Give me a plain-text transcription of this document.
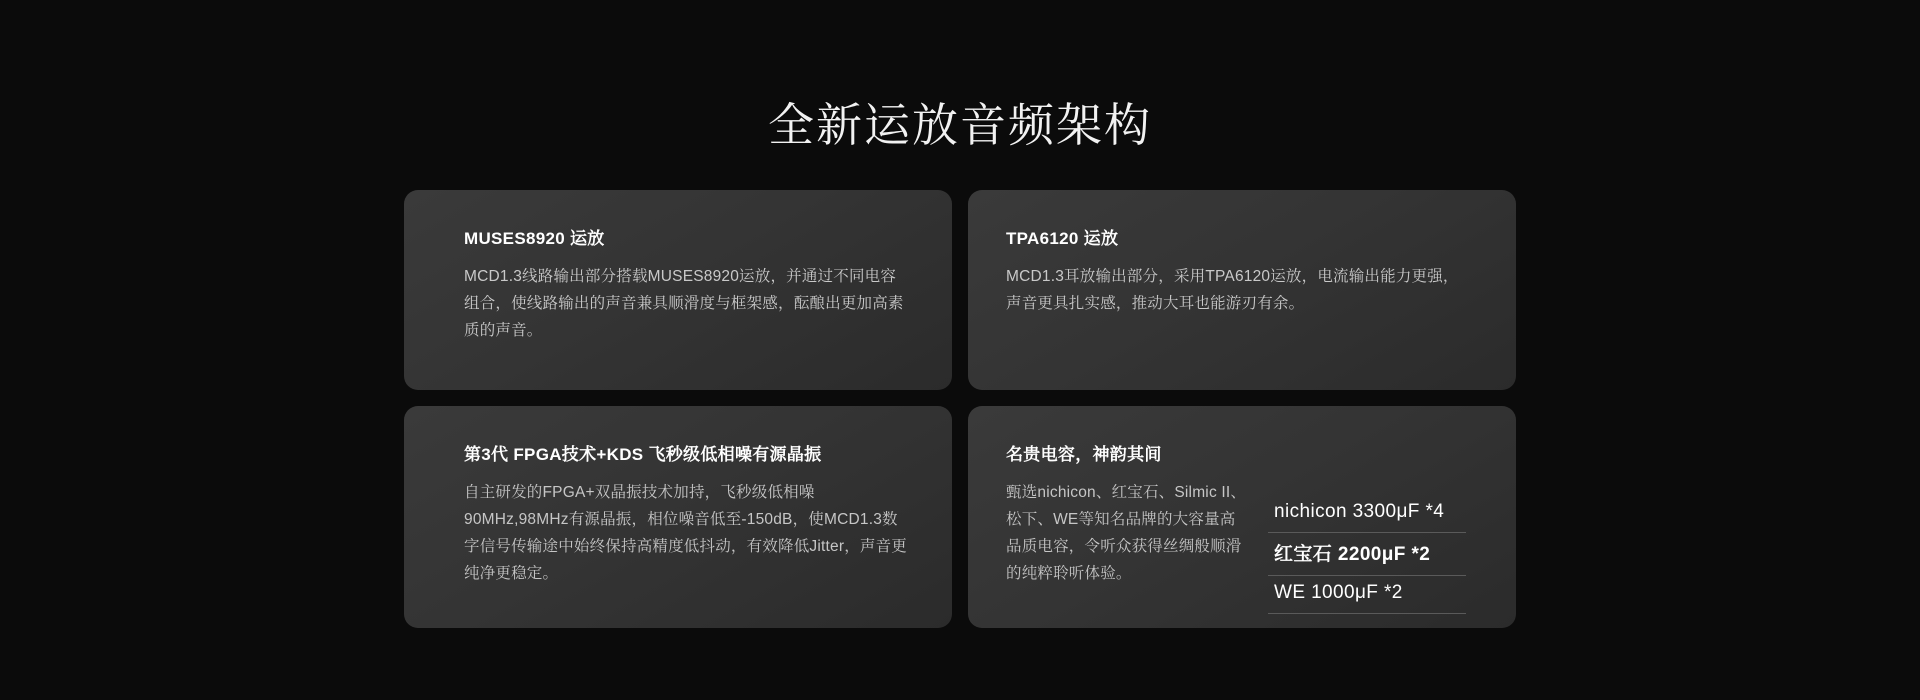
全新运放音频架构
MUSES8920 运放

MCD1.3线路输出部分搭载MUSES8920运放，并通过不同电容组合，使线路输出的声音兼具顺滑度与框架感，酝酿出更加高素质的声音。

TPA6120 运放

MCD1.3耳放输出部分，采用TPA6120运放，电流输出能力更强，声音更具扎实感，推动大耳也能游刃有余。

第3代 FPGA技术+KDS 飞秒级低相噪有源晶振

自主研发的FPGA+双晶振技术加持，飞秒级低相噪90MHz,98MHz有源晶振，相位噪音低至-150dB，使MCD1.3数字信号传输途中始终保持高精度低抖动，有效降低Jitter，声音更纯净更稳定。

名贵电容，神韵其间

甄选nichicon、红宝石、Silmic II、松下、WE等知名品牌的大容量高品质电容，令听众获得丝绸般顺滑的纯粹聆听体验。

nichicon 3300μF *4
红宝石 2200μF *2
WE 1000μF *2
